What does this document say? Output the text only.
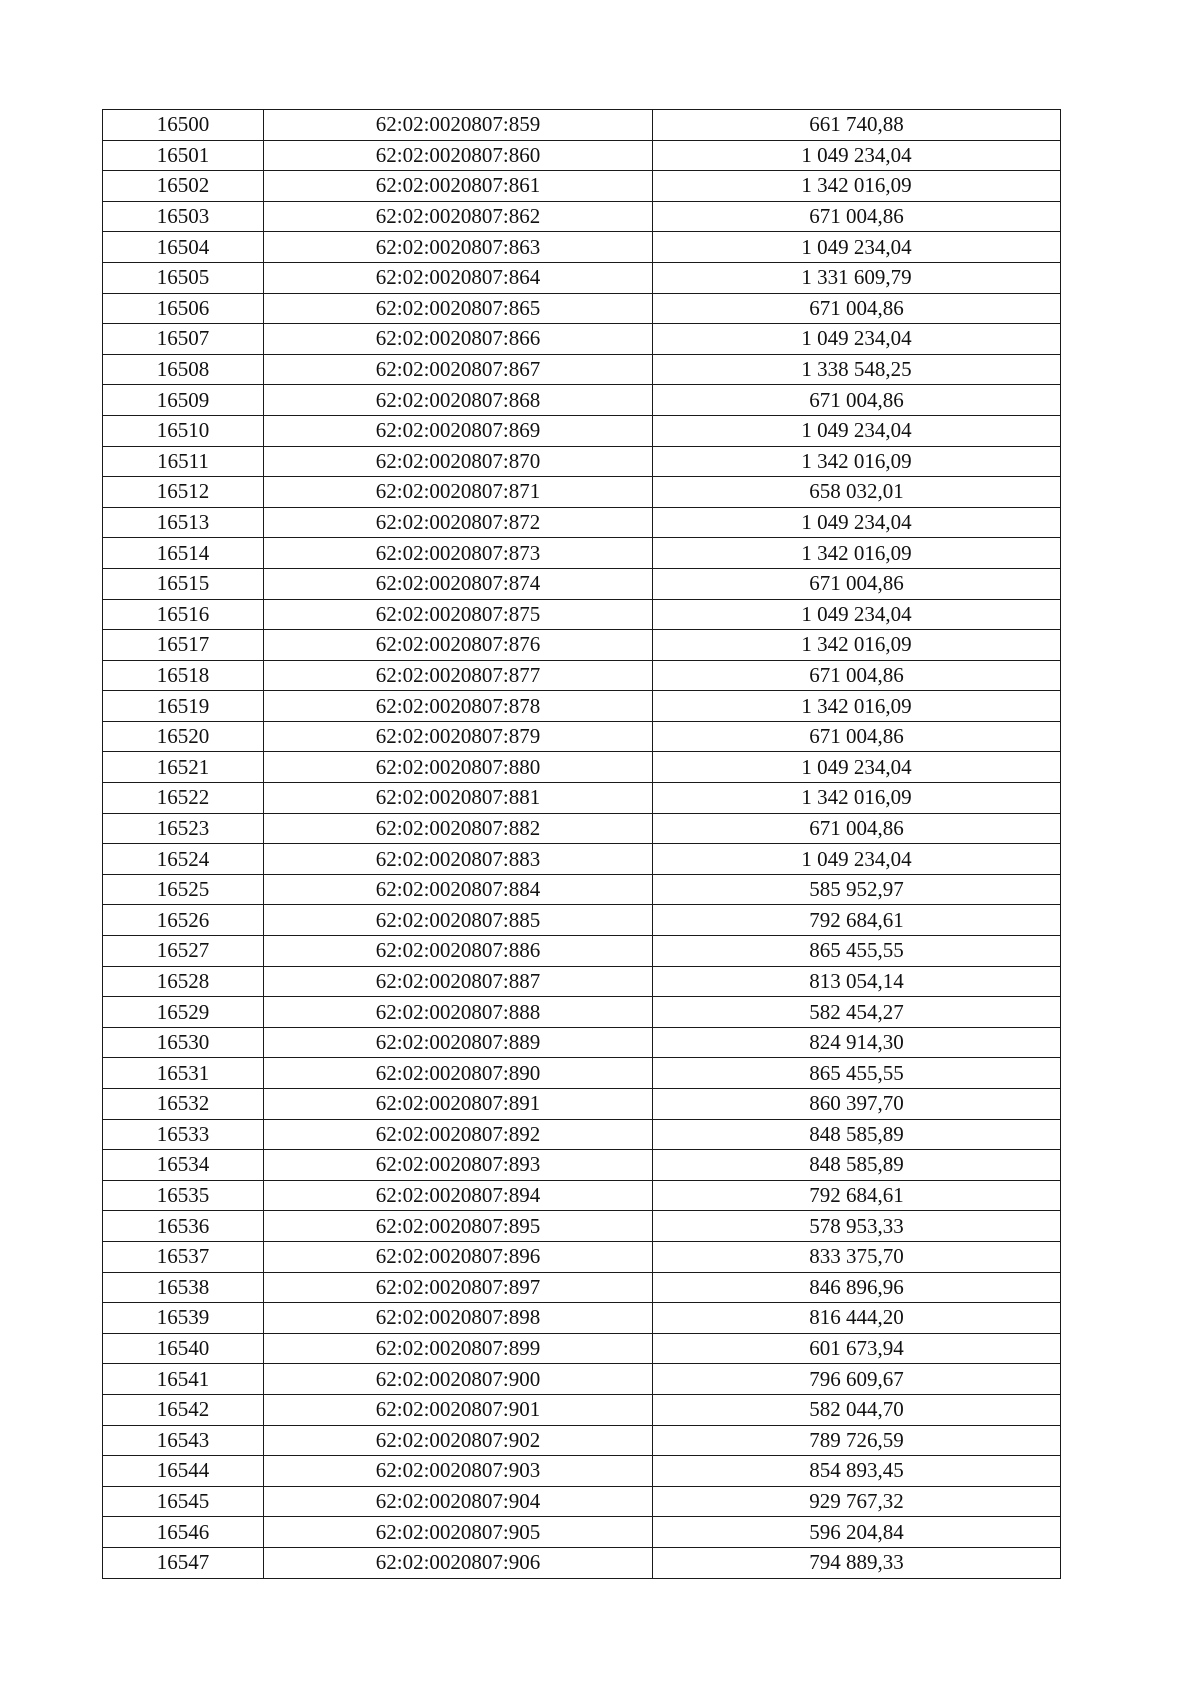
16500	62:02:0020807:859	661 740,88
16501	62:02:0020807:860	1 049 234,04
16502	62:02:0020807:861	1 342 016,09
16503	62:02:0020807:862	671 004,86
16504	62:02:0020807:863	1 049 234,04
16505	62:02:0020807:864	1 331 609,79
16506	62:02:0020807:865	671 004,86
16507	62:02:0020807:866	1 049 234,04
16508	62:02:0020807:867	1 338 548,25
16509	62:02:0020807:868	671 004,86
16510	62:02:0020807:869	1 049 234,04
16511	62:02:0020807:870	1 342 016,09
16512	62:02:0020807:871	658 032,01
16513	62:02:0020807:872	1 049 234,04
16514	62:02:0020807:873	1 342 016,09
16515	62:02:0020807:874	671 004,86
16516	62:02:0020807:875	1 049 234,04
16517	62:02:0020807:876	1 342 016,09
16518	62:02:0020807:877	671 004,86
16519	62:02:0020807:878	1 342 016,09
16520	62:02:0020807:879	671 004,86
16521	62:02:0020807:880	1 049 234,04
16522	62:02:0020807:881	1 342 016,09
16523	62:02:0020807:882	671 004,86
16524	62:02:0020807:883	1 049 234,04
16525	62:02:0020807:884	585 952,97
16526	62:02:0020807:885	792 684,61
16527	62:02:0020807:886	865 455,55
16528	62:02:0020807:887	813 054,14
16529	62:02:0020807:888	582 454,27
16530	62:02:0020807:889	824 914,30
16531	62:02:0020807:890	865 455,55
16532	62:02:0020807:891	860 397,70
16533	62:02:0020807:892	848 585,89
16534	62:02:0020807:893	848 585,89
16535	62:02:0020807:894	792 684,61
16536	62:02:0020807:895	578 953,33
16537	62:02:0020807:896	833 375,70
16538	62:02:0020807:897	846 896,96
16539	62:02:0020807:898	816 444,20
16540	62:02:0020807:899	601 673,94
16541	62:02:0020807:900	796 609,67
16542	62:02:0020807:901	582 044,70
16543	62:02:0020807:902	789 726,59
16544	62:02:0020807:903	854 893,45
16545	62:02:0020807:904	929 767,32
16546	62:02:0020807:905	596 204,84
16547	62:02:0020807:906	794 889,33
